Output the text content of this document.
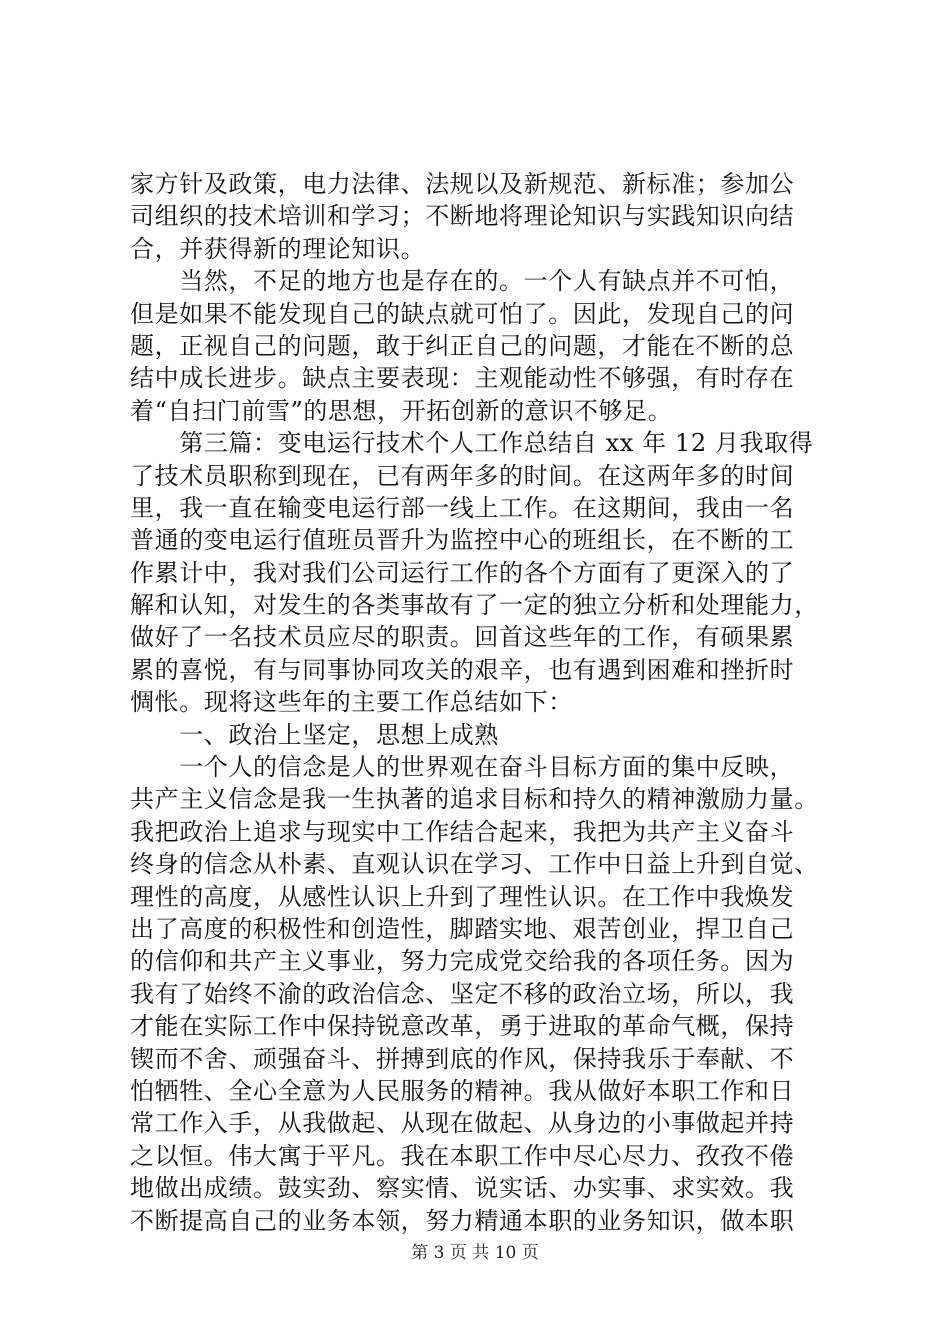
家方针及政策，电力法律、法规以及新规范、新标准；参加公
司组织的技术培训和学习；不断地将理论知识与实践知识向结
合，并获得新的理论知识。
　　当然，不足的地方也是存在的。一个人有缺点并不可怕，
但是如果不能发现自己的缺点就可怕了。因此，发现自己的问
题，正视自己的问题，敢于纠正自己的问题，才能在不断的总
结中成长进步。缺点主要表现：主观能动性不够强，有时存在
着“自扫门前雪”的思想，开拓创新的意识不够足。
　　第三篇：变电运行技术个人工作总结自 xx 年 12 月我取得
了技术员职称到现在，已有两年多的时间。在这两年多的时间
里，我一直在输变电运行部一线上工作。在这期间，我由一名
普通的变电运行值班员晋升为监控中心的班组长，在不断的工
作累计中，我对我们公司运行工作的各个方面有了更深入的了
解和认知，对发生的各类事故有了一定的独立分析和处理能力，
做好了一名技术员应尽的职责。回首这些年的工作，有硕果累
累的喜悦，有与同事协同攻关的艰辛，也有遇到困难和挫折时
惆怅。现将这些年的主要工作总结如下：
　　一、政治上坚定，思想上成熟
　　一个人的信念是人的世界观在奋斗目标方面的集中反映，
共产主义信念是我一生执著的追求目标和持久的精神激励力量。
我把政治上追求与现实中工作结合起来，我把为共产主义奋斗
终身的信念从朴素、直观认识在学习、工作中日益上升到自觉、
理性的高度，从感性认识上升到了理性认识。在工作中我焕发
出了高度的积极性和创造性，脚踏实地、艰苦创业，捍卫自己
的信仰和共产主义事业，努力完成党交给我的各项任务。因为
我有了始终不渝的政治信念、坚定不移的政治立场，所以，我
才能在实际工作中保持锐意改革，勇于进取的革命气概，保持
锲而不舍、顽强奋斗、拼搏到底的作风，保持我乐于奉献、不
怕牺牲、全心全意为人民服务的精神。我从做好本职工作和日
常工作入手，从我做起、从现在做起、从身边的小事做起并持
之以恒。伟大寓于平凡。我在本职工作中尽心尽力、孜孜不倦
地做出成绩。鼓实劲、察实情、说实话、办实事、求实效。我
不断提高自己的业务本领，努力精通本职的业务知识，做本职
第 3 页 共 10 页
